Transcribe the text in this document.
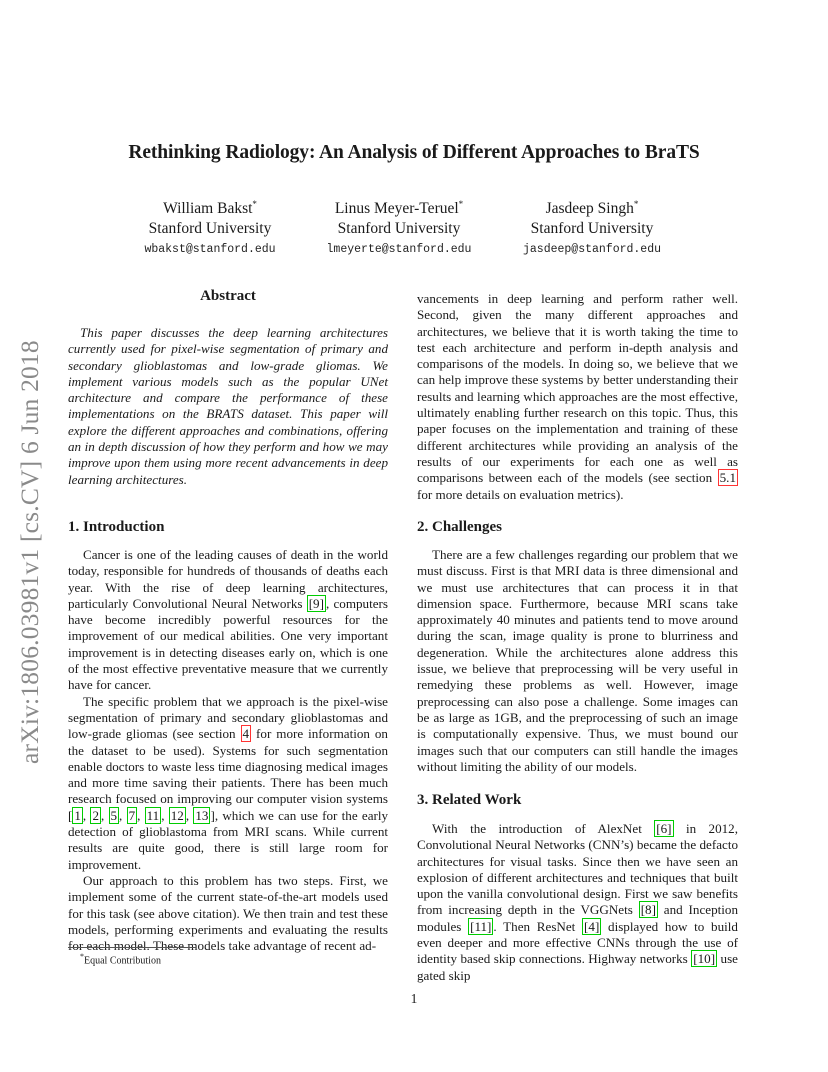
Rethinking Radiology: An Analysis of Different Approaches to BraTS
William Bakst*
Stanford University
wbakst@stanford.edu
Linus Meyer-Teruel*
Stanford University
lmeyerte@stanford.edu
Jasdeep Singh*
Stanford University
jasdeep@stanford.edu
arXiv:1806.03981v1 [cs.CV] 6 Jun 2018
Abstract
This paper discusses the deep learning architectures currently used for pixel-wise segmentation of primary and secondary glioblastomas and low-grade gliomas. We implement various models such as the popular UNet architecture and compare the performance of these implementations on the BRATS dataset. This paper will explore the different approaches and combinations, offering an in depth discussion of how they perform and how we may improve upon them using more recent advancements in deep learning architectures.
1. Introduction

Cancer is one of the leading causes of death in the world today, responsible for hundreds of thousands of deaths each year. With the rise of deep learning architectures, particularly Convolutional Neural Networks [9] , computers have become incredibly powerful resources for the improvement of our medical abilities. One very important improvement is in detecting diseases early on, which is one of the most effective preventative measure that we currently have for cancer.

The specific problem that we approach is the pixel-wise segmentation of primary and secondary glioblastomas and low-grade gliomas (see section 4 for more information on the dataset to be used). Systems for such segmentation enable doctors to waste less time diagnosing medical images and more time saving their patients. There has been much research focused on improving our computer vision systems [ 1 , 2 , 5 , 7 , 11 , 12 , 13 ], which we can use for the early detection of glioblastoma from MRI scans. While current results are quite good, there is still large room for improvement.

Our approach to this problem has two steps. First, we implement some of the current state-of-the-art models used for this task (see above citation). We then train and test these models, performing experiments and evaluating the results for each model. These models take advantage of recent ad-

vancements in deep learning and perform rather well. Second, given the many different approaches and architectures, we believe that it is worth taking the time to test each architecture and perform in-depth analysis and comparisons of the models. In doing so, we believe that we can help improve these systems by better understanding their results and learning which approaches are the most effective, ultimately enabling further research on this topic. Thus, this paper focuses on the implementation and training of these different architectures while providing an analysis of the results of our experiments for each one as well as comparisons between each of the models (see section 5.1 for more details on evaluation metrics).
2. Challenges

There are a few challenges regarding our problem that we must discuss. First is that MRI data is three dimensional and we must use architectures that can process it in that dimension space. Furthermore, because MRI scans take approximately 40 minutes and patients tend to move around during the scan, image quality is prone to blurriness and degeneration. While the architectures alone address this issue, we believe that preprocessing will be very useful in remedying these problems as well. However, image preprocessing can also pose a challenge. Some images can be as large as 1GB, and the preprocessing of such an image is computationally expensive. Thus, we must bound our images such that our computers can still handle the images without limiting the ability of our models.

3. Related Work

With the introduction of AlexNet [6] in 2012, Convolutional Neural Networks (CNN’s) became the defacto architectures for visual tasks. Since then we have seen an explosion of different architectures and techniques that built upon the vanilla convolutional design. First we saw benefits from increasing depth in the VGGNets [8] and Inception modules [11] . Then ResNet [4] displayed how to build even deeper and more effective CNNs through the use of identity based skip connections. Highway networks [10] use gated skip

*Equal Contribution
1
